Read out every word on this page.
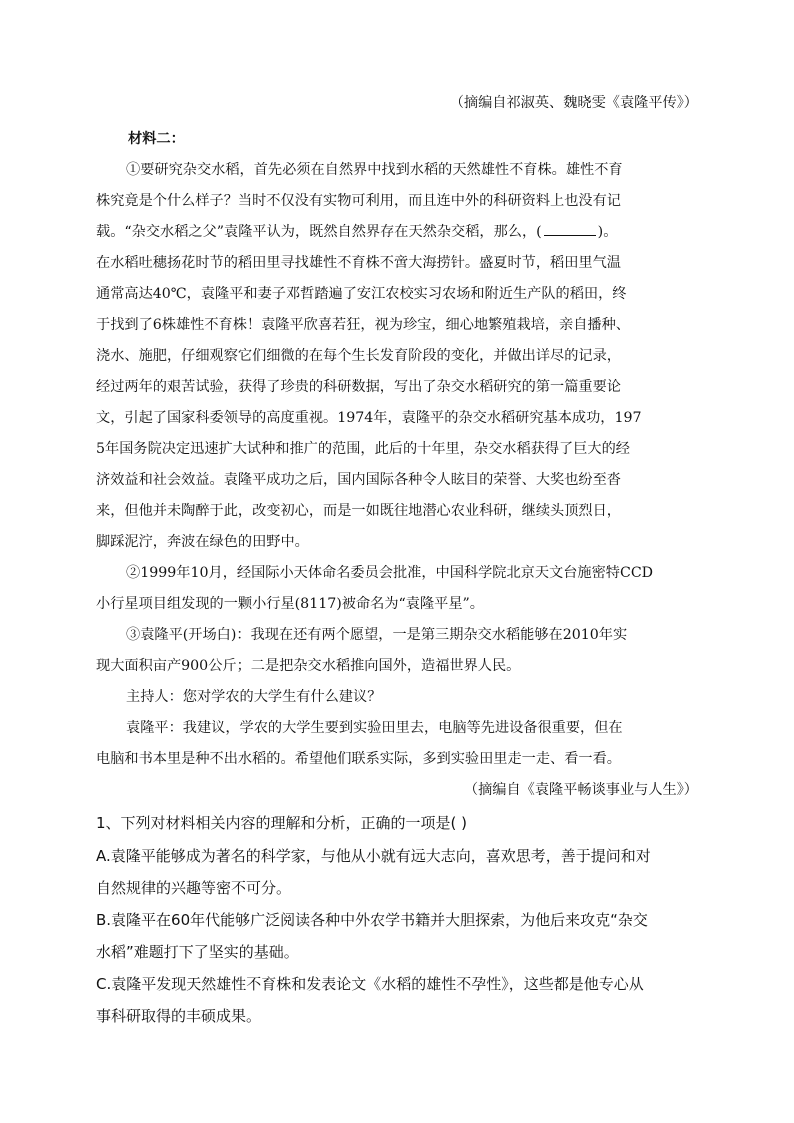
（摘编自祁淑英、魏晓雯《袁隆平传》）
材料二：
①要研究杂交水稻，首先必须在自然界中找到水稻的天然雄性不育株。雄性不育
株究竟是个什么样子？当时不仅没有实物可利用，而且连中外的科研资料上也没有记
载。“杂交水稻之父”袁隆平认为，既然自然界存在天然杂交稻，那么，(	)。
在水稻吐穗扬花时节的稻田里寻找雄性不育株不啻大海捞针。盛夏时节，稻田里气温
通常高达40℃，袁隆平和妻子邓哲踏遍了安江农校实习农场和附近生产队的稻田，终
于找到了6株雄性不育株！袁隆平欣喜若狂，视为珍宝，细心地繁殖栽培，亲自播种、
浇水、施肥，仔细观察它们细微的在每个生长发育阶段的变化，并做出详尽的记录，
经过两年的艰苦试验，获得了珍贵的科研数据，写出了杂交水稻研究的第一篇重要论
文，引起了国家科委领导的高度重视。1974年，袁隆平的杂交水稻研究基本成功，197
5年国务院决定迅速扩大试种和推广的范围，此后的十年里，杂交水稻获得了巨大的经
济效益和社会效益。袁隆平成功之后，国内国际各种令人眩目的荣誉、大奖也纷至沓
来，但他并未陶醉于此，改变初心，而是一如既往地潜心农业科研，继续头顶烈日，
脚踩泥泞，奔波在绿色的田野中。
②1999年10月，经国际小天体命名委员会批准，中国科学院北京天文台施密特CCD
小行星项目组发现的一颗小行星(8117)被命名为“袁隆平星”。
③袁隆平(开场白)：我现在还有两个愿望，一是第三期杂交水稻能够在2010年实
现大面积亩产900公斤；二是把杂交水稻推向国外，造福世界人民。
主持人：您对学农的大学生有什么建议？
袁隆平：我建议，学农的大学生要到实验田里去，电脑等先进设备很重要，但在
电脑和书本里是种不出水稻的。希望他们联系实际，多到实验田里走一走、看一看。
（摘编自《袁隆平畅谈事业与人生》）
1、下列对材料相关内容的理解和分析，正确的一项是( )
A.袁隆平能够成为著名的科学家，与他从小就有远大志向，喜欢思考，善于提问和对
自然规律的兴趣等密不可分。
B.袁隆平在60年代能够广泛阅读各种中外农学书籍并大胆探索，为他后来攻克“杂交
水稻”难题打下了坚实的基础。
C.袁隆平发现天然雄性不育株和发表论文《水稻的雄性不孕性》，这些都是他专心从
事科研取得的丰硕成果。
